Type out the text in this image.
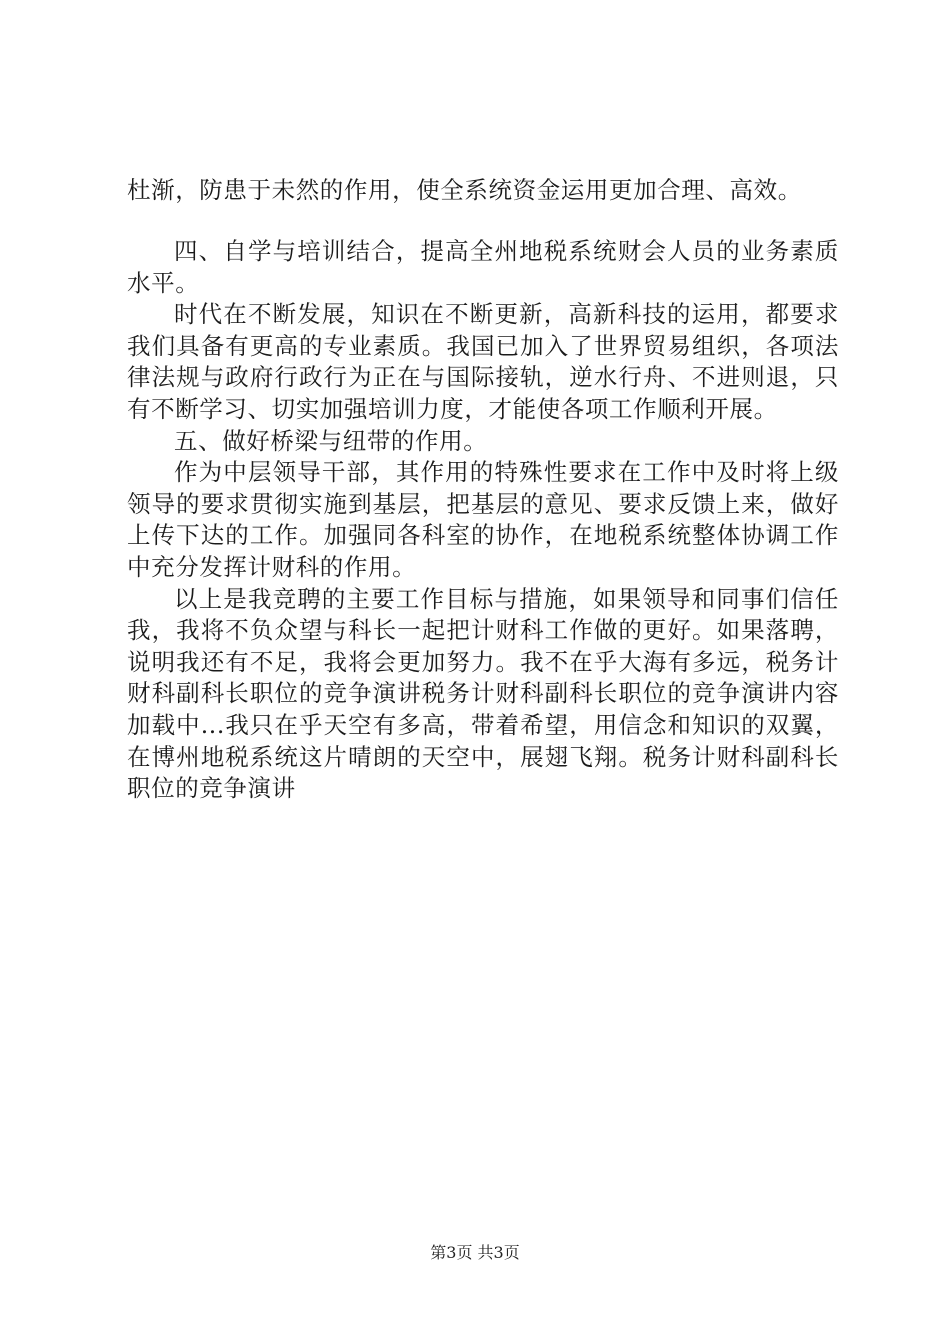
杜渐，防患于未然的作用，使全系统资金运用更加合理、高效。

四、自学与培训结合，提高全州地税系统财会人员的业务素质水平。

时代在不断发展，知识在不断更新，高新科技的运用，都要求我们具备有更高的专业素质。我国已加入了世界贸易组织，各项法律法规与政府行政行为正在与国际接轨，逆水行舟、不进则退，只有不断学习、切实加强培训力度，才能使各项工作顺利开展。

五、做好桥梁与纽带的作用。

作为中层领导干部，其作用的特殊性要求在工作中及时将上级领导的要求贯彻实施到基层，把基层的意见、要求反馈上来，做好上传下达的工作。加强同各科室的协作，在地税系统整体协调工作中充分发挥计财科的作用。

以上是我竞聘的主要工作目标与措施，如果领导和同事们信任我，我将不负众望与科长一起把计财科工作做的更好。如果落聘，说明我还有不足，我将会更加努力。我不在乎大海有多远，税务计财科副科长职位的竞争演讲税务计财科副科长职位的竞争演讲内容加载中...我只在乎天空有多高，带着希望，用信念和知识的双翼，在博州地税系统这片晴朗的天空中，展翅飞翔。税务计财科副科长职位的竞争演讲

第3页 共3页
